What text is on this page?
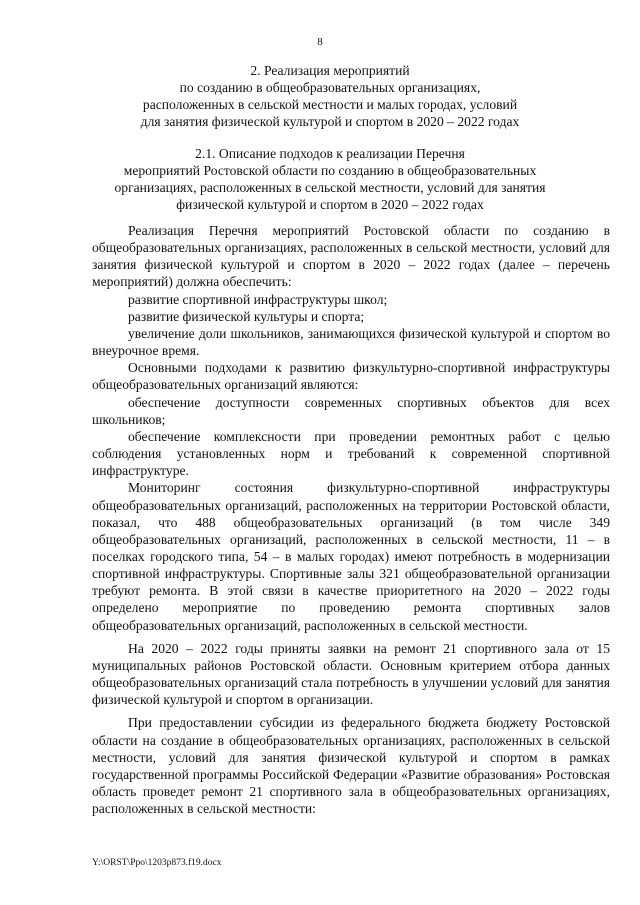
8
2. Реализация мероприятий
по созданию в общеобразовательных организациях,
расположенных в сельской местности и малых городах, условий
для занятия физической культурой и спортом в 2020 – 2022 годах
2.1. Описание подходов к реализации Перечня
мероприятий Ростовской области по созданию в общеобразовательных
организациях, расположенных в сельской местности, условий для занятия
физической культурой и спортом в 2020 – 2022 годах

Реализация Перечня мероприятий Ростовской области по созданию в общеобразовательных организациях, расположенных в сельской местности, условий для занятия физической культурой и спортом в 2020 – 2022 годах (далее – перечень мероприятий) должна обеспечить:

развитие спортивной инфраструктуры школ;

развитие физической культуры и спорта;

увеличение доли школьников, занимающихся физической культурой и спортом во внеурочное время.

Основными подходами к развитию физкультурно-спортивной инфраструктуры общеобразовательных организаций являются:

обеспечение доступности современных спортивных объектов для всех школьников;

обеспечение комплексности при проведении ремонтных работ с целью соблюдения установленных норм и требований к современной спортивной инфраструктуре.

Мониторинг состояния физкультурно-спортивной инфраструктуры общеобразовательных организаций, расположенных на территории Ростовской области, показал, что 488 общеобразовательных организаций (в том числе 349 общеобразовательных организаций, расположенных в сельской местности, 11 – в поселках городского типа, 54 – в малых городах) имеют потребность в модернизации спортивной инфраструктуры. Спортивные залы 321 общеобразовательной организации требуют ремонта. В этой связи в качестве приоритетного на 2020 – 2022 годы определено мероприятие по проведению ремонта спортивных залов общеобразовательных организаций, расположенных в сельской местности.

На 2020 – 2022 годы приняты заявки на ремонт 21 спортивного зала от 15 муниципальных районов Ростовской области. Основным критерием отбора данных общеобразовательных организаций стала потребность в улучшении условий для занятия физической культурой и спортом в организации.

При предоставлении субсидии из федерального бюджета бюджету Ростовской области на создание в общеобразовательных организациях, расположенных в сельской местности, условий для занятия физической культурой и спортом в рамках государственной программы Российской Федерации «Развитие образования» Ростовская область проведет ремонт 21 спортивного зала в общеобразовательных организациях, расположенных в сельской местности:

Y:\ORST\Ppo\1203p873.f19.docx
